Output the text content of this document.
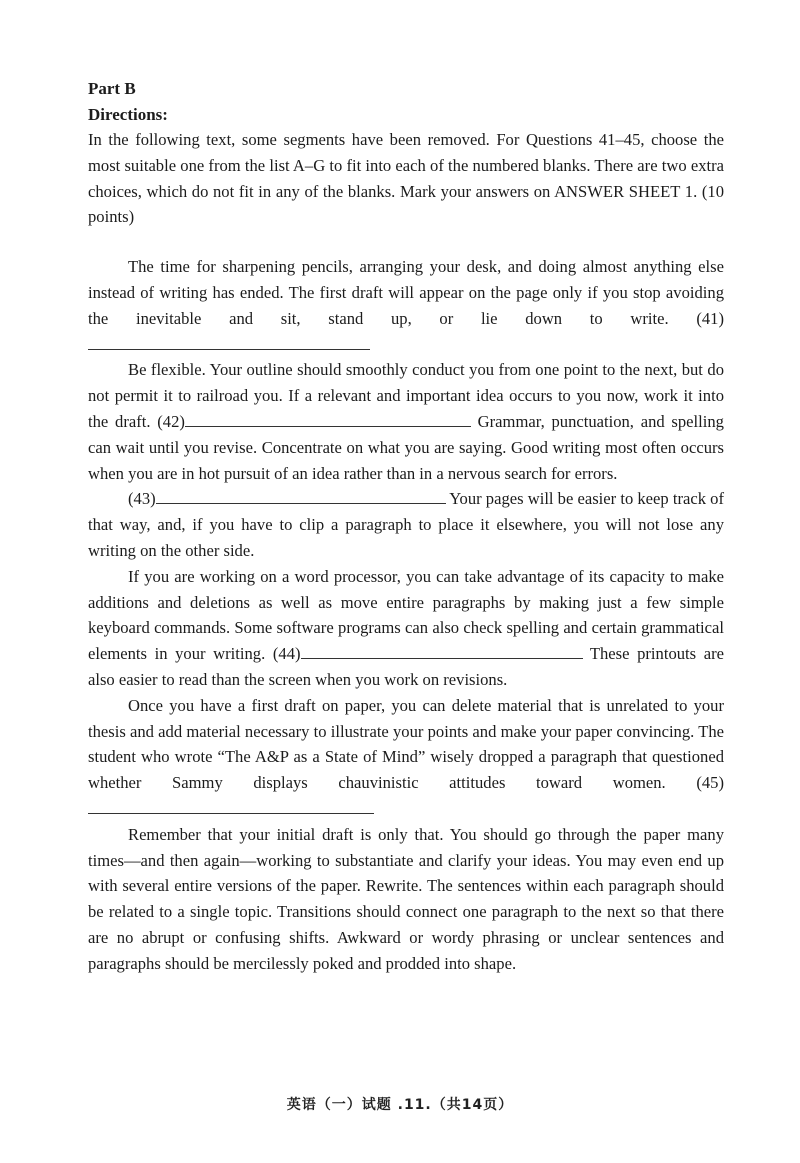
Part B

Directions:

In the following text, some segments have been removed. For Questions 41–45, choose the most suitable one from the list A–G to fit into each of the numbered blanks. There are two extra choices, which do not fit in any of the blanks. Mark your answers on ANSWER SHEET 1. (10 points)

The time for sharpening pencils, arranging your desk, and doing almost anything else instead of writing has ended. The first draft will appear on the page only if you stop avoiding the inevitable and sit, stand up, or lie down to write. (41)

Be flexible. Your outline should smoothly conduct you from one point to the next, but do not permit it to railroad you. If a relevant and important idea occurs to you now, work it into the draft. (42)	Grammar, punctuation, and spelling can wait until you revise. Concentrate on what you are saying. Good writing most often occurs when you are in hot pursuit of an idea rather than in a nervous search for errors.

(43)	Your pages will be easier to keep track of that way, and, if you have to clip a paragraph to place it elsewhere, you will not lose any writing on the other side.

If you are working on a word processor, you can take advantage of its capacity to make additions and deletions as well as move entire paragraphs by making just a few simple keyboard commands. Some software programs can also check spelling and certain grammatical elements in your writing. (44)	These printouts are also easier to read than the screen when you work on revisions.

Once you have a first draft on paper, you can delete material that is unrelated to your thesis and add material necessary to illustrate your points and make your paper convincing. The student who wrote “The A&P as a State of Mind” wisely dropped a paragraph that questioned whether Sammy displays chauvinistic attitudes toward women. (45)

Remember that your initial draft is only that. You should go through the paper many times—and then again—working to substantiate and clarify your ideas. You may even end up with several entire versions of the paper. Rewrite. The sentences within each paragraph should be related to a single topic. Transitions should connect one paragraph to the next so that there are no abrupt or confusing shifts. Awkward or wordy phrasing or unclear sentences and paragraphs should be mercilessly poked and prodded into shape.

英语（一）试题 .11.（共14页）
